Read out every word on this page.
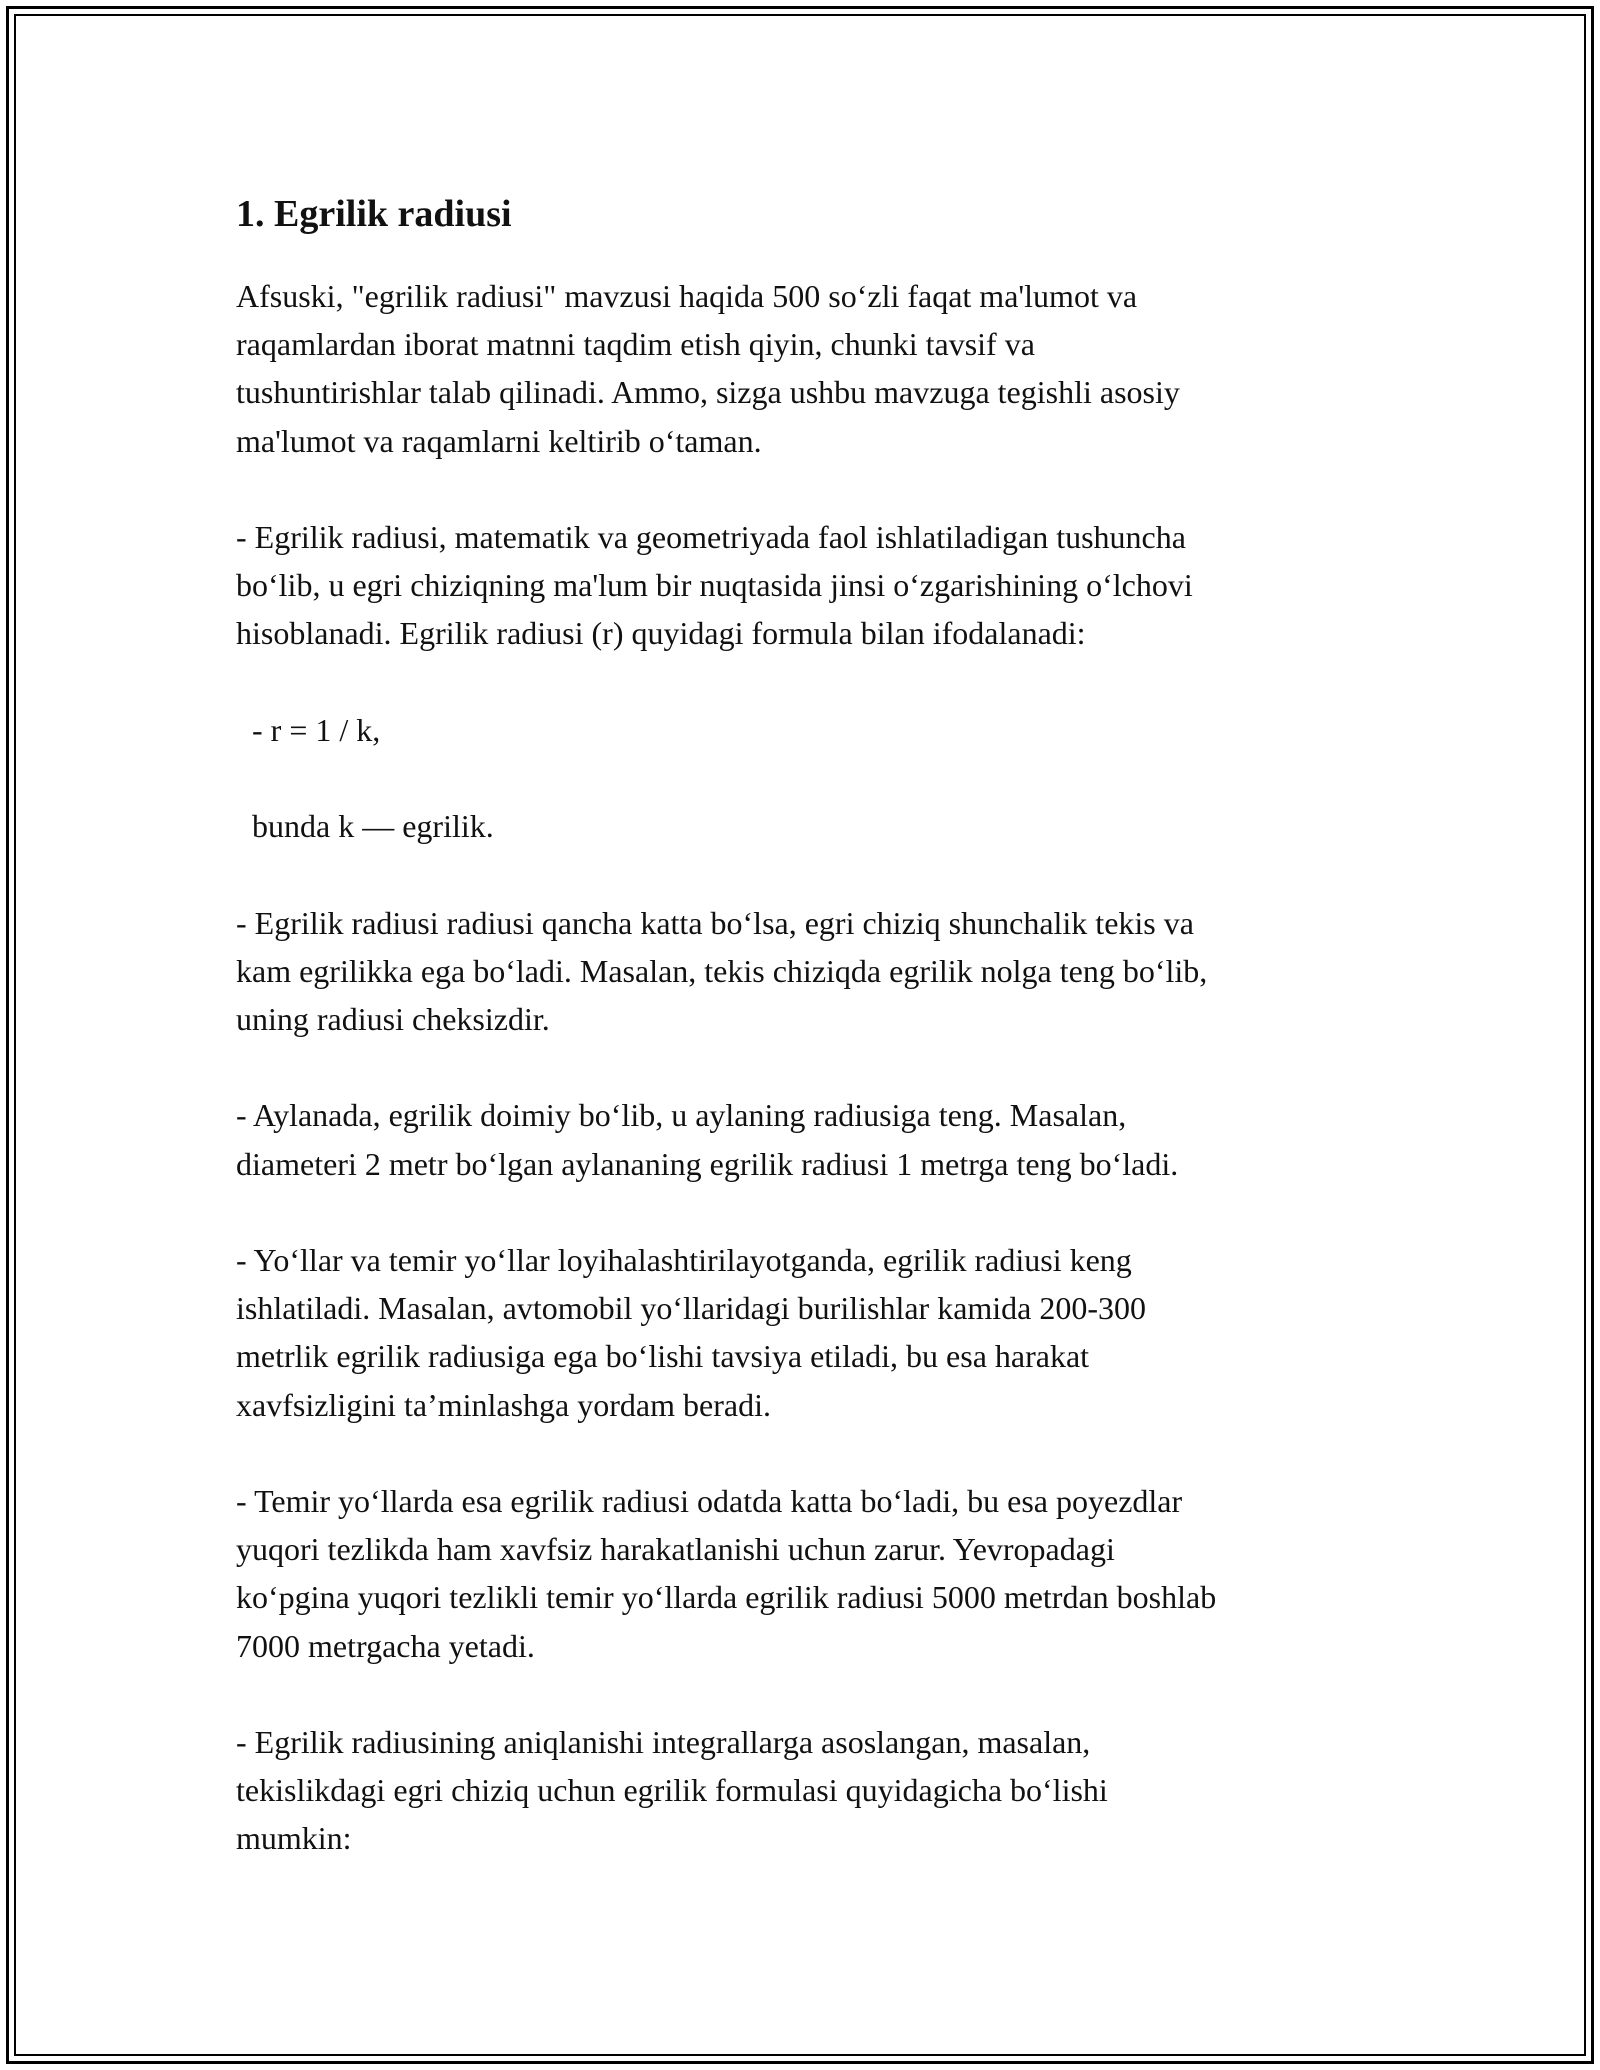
1. Egrilik radiusi

Afsuski, "egrilik radiusi" mavzusi haqida 500 so‘zli faqat ma'lumot va
raqamlardan iborat matnni taqdim etish qiyin, chunki tavsif va
tushuntirishlar talab qilinadi. Ammo, sizga ushbu mavzuga tegishli asosiy
ma'lumot va raqamlarni keltirib o‘taman.

- Egrilik radiusi, matematik va geometriyada faol ishlatiladigan tushuncha
bo‘lib, u egri chiziqning ma'lum bir nuqtasida jinsi o‘zgarishining o‘lchovi
hisoblanadi. Egrilik radiusi (r) quyidagi formula bilan ifodalanadi:

- r = 1 / k,

bunda k — egrilik.

- Egrilik radiusi radiusi qancha katta bo‘lsa, egri chiziq shunchalik tekis va
kam egrilikka ega bo‘ladi. Masalan, tekis chiziqda egrilik nolga teng bo‘lib,
uning radiusi cheksizdir.

- Aylanada, egrilik doimiy bo‘lib, u aylaning radiusiga teng. Masalan,
diameteri 2 metr bo‘lgan aylananing egrilik radiusi 1 metrga teng bo‘ladi.

- Yo‘llar va temir yo‘llar loyihalashtirilayotganda, egrilik radiusi keng
ishlatiladi. Masalan, avtomobil yo‘llaridagi burilishlar kamida 200-300
metrlik egrilik radiusiga ega bo‘lishi tavsiya etiladi, bu esa harakat
xavfsizligini ta’minlashga yordam beradi.

- Temir yo‘llarda esa egrilik radiusi odatda katta bo‘ladi, bu esa poyezdlar
yuqori tezlikda ham xavfsiz harakatlanishi uchun zarur. Yevropadagi
ko‘pgina yuqori tezlikli temir yo‘llarda egrilik radiusi 5000 metrdan boshlab
7000 metrgacha yetadi.

- Egrilik radiusining aniqlanishi integrallarga asoslangan, masalan,
tekislikdagi egri chiziq uchun egrilik formulasi quyidagicha bo‘lishi
mumkin:
